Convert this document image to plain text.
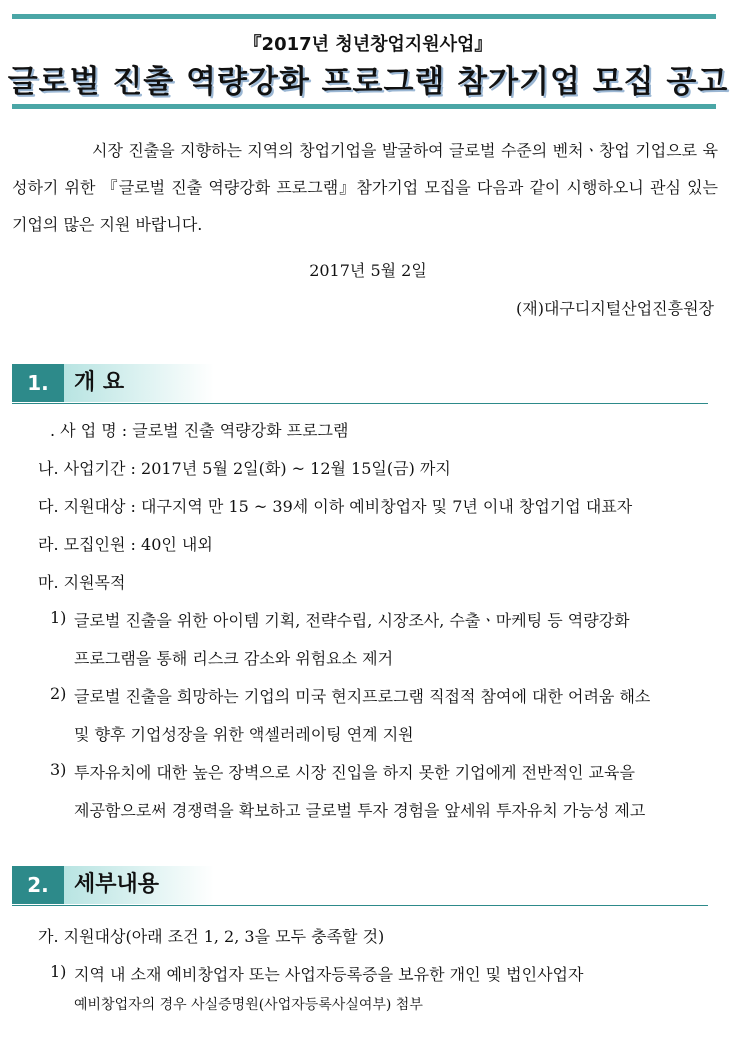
『2017년 청년창업지원사업』
글로벌 진출 역량강화 프로그램 참가기업 모집 공고
시장 진출을 지향하는 지역의 창업기업을 발굴하여 글로벌 수준의 벤처ㆍ창업 기업으로 육성하기 위한 『글로벌 진출 역량강화 프로그램』참가기업 모집을 다음과 같이 시행하오니 관심 있는 기업의 많은 지원 바랍니다.
2017년 5월 2일
(재)대구디지털산업진흥원장
1.	개 요
. 사 업 명 : 글로벌 진출 역량강화 프로그램
나. 사업기간 : 2017년 5월 2일(화) ~ 12월 15일(금) 까지
다. 지원대상 : 대구지역 만 15 ~ 39세 이하 예비창업자 및 7년 이내 창업기업 대표자
라. 모집인원 : 40인 내외
마. 지원목적
1) 글로벌 진출을 위한 아이템 기획, 전략수립, 시장조사, 수출ㆍ마케팅 등 역량강화
프로그램을 통해 리스크 감소와 위험요소 제거
2) 글로벌 진출을 희망하는 기업의 미국 현지프로그램 직접적 참여에 대한 어려움 해소
및 향후 기업성장을 위한 액셀러레이팅 연계 지원
3) 투자유치에 대한 높은 장벽으로 시장 진입을 하지 못한 기업에게 전반적인 교육을
제공함으로써 경쟁력을 확보하고 글로벌 투자 경험을 앞세워 투자유치 가능성 제고
2.	세부내용
가. 지원대상(아래 조건 1, 2, 3을 모두 충족할 것)
1) 지역 내 소재 예비창업자 또는 사업자등록증을 보유한 개인 및 법인사업자
예비창업자의 경우 사실증명원(사업자등록사실여부) 첨부
